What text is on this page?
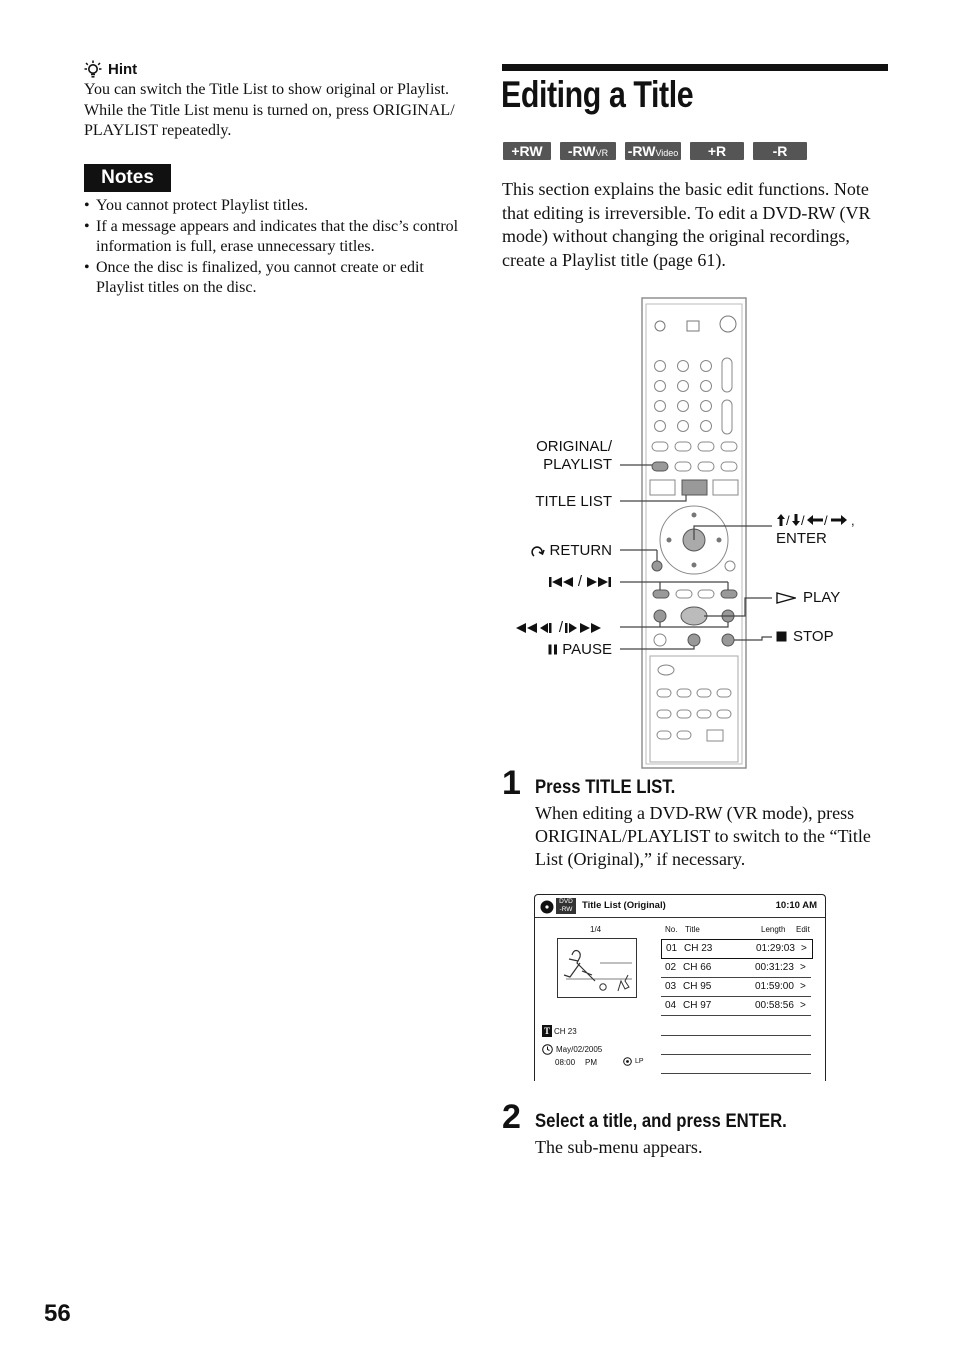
Hint
You can switch the Title List to show original or Playlist. While the Title List menu is turned on, press ORIGINAL/ PLAYLIST repeatedly.
Notes
• You cannot protect Playlist titles.
• If a message appears and indicates that the disc’s control information is full, erase unnecessary titles.
• Once the disc is finalized, you cannot create or edit Playlist titles on the disc.
Editing a Title
+RW	-RWVR	-RWVideo	+R	-R
This section explains the basic edit functions. Note that editing is irreversible. To edit a DVD-RW (VR mode) without changing the original recordings, create a Playlist title (page 61).
ORIGINAL/
PLAYLIST
TITLE LIST
RETURN
/
/
PAUSE
/ / / ,
ENTER
PLAY
STOP
1 Press TITLE LIST.
When editing a DVD-RW (VR mode), press ORIGINAL/PLAYLIST to switch to the “Title List (Original),” if necessary.
DVD
-RW	Title List (Original)	10:10 AM
1/4	No. Title	Length Edit
01 CH 23	01:29:03 >
02 CH 66	00:31:23 >
03 CH 95	01:59:00 >
04 CH 97	00:58:56 >
T CH 23
May/02/2005
08:00 PM	LP
2 Select a title, and press ENTER.
The sub-menu appears.
56
